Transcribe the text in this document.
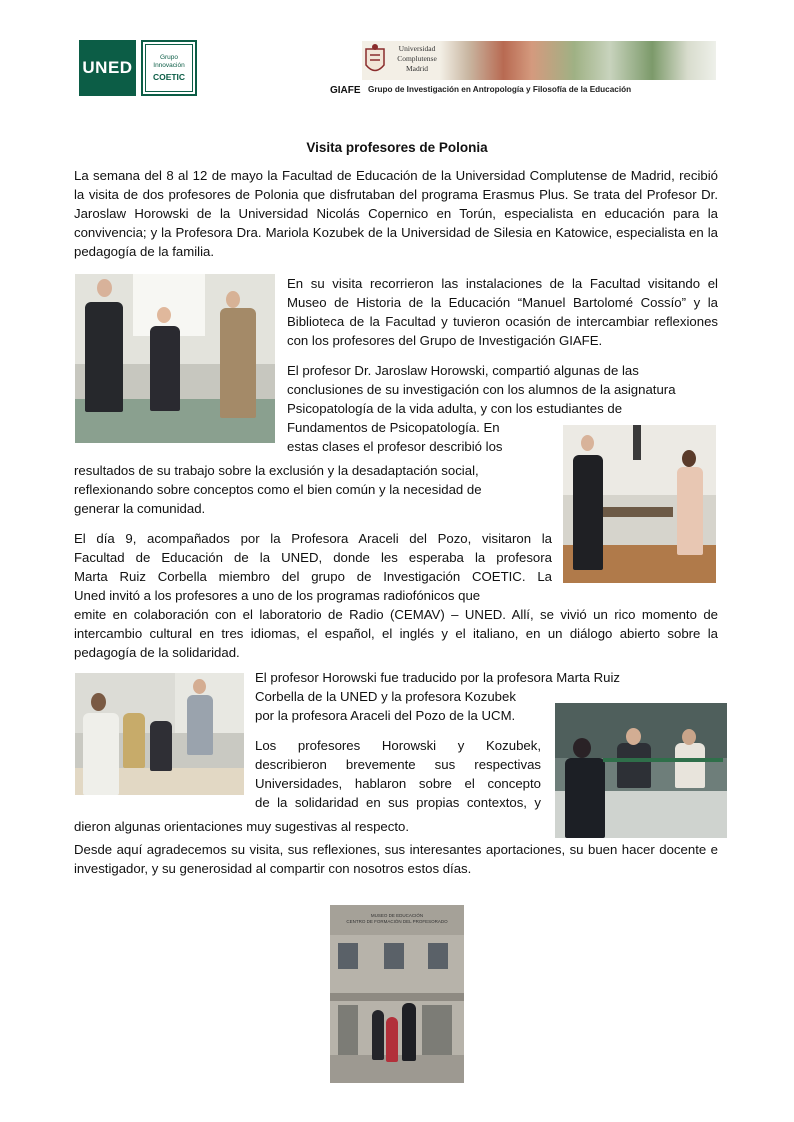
UNED
Grupo
Innovación
COETIC
Universidad
Complutense
Madrid
GIAFE Grupo de Investigación en Antropología y Filosofía de la Educación
Visita profesores de Polonia

La semana del 8 al 12 de mayo la Facultad de Educación de la Universidad Complutense de Madrid, recibió la visita de dos profesores de Polonia que disfrutaban del programa Erasmus Plus. Se trata del Profesor Dr. Jaroslaw Horowski de la Universidad Nicolás Copernico en Torún, especialista en educación para la convivencia; y la Profesora Dra. Mariola Kozubek de la Universidad de Silesia en Katowice, especialista en la pedagogía de la familia.

En su visita recorrieron las instalaciones de la Facultad visitando el Museo de Historia de la Educación “Manuel Bartolomé Cossío” y la Biblioteca de la Facultad y tuvieron ocasión de intercambiar reflexiones con los profesores del Grupo de Investigación GIAFE.

El profesor Dr. Jaroslaw Horowski, compartió algunas de las
conclusiones de su investigación con los alumnos de la asignatura
Psicopatología de la vida adulta, y con los estudiantes de
Fundamentos de Psicopatología. En
estas clases el profesor describió los
resultados de su trabajo sobre la exclusión y la desadaptación social,
reflexionando sobre conceptos como el bien común y la necesidad de
generar la comunidad.
El día 9, acompañados por la Profesora Araceli del Pozo, visitaron la
Facultad de Educación de la UNED, donde les esperaba la profesora
Marta Ruiz Corbella miembro del grupo de Investigación COETIC. La
Uned invitó a los profesores a uno de los programas radiofónicos que

emite en colaboración con el laboratorio de Radio (CEMAV) – UNED. Allí, se vivió un rico momento de intercambio cultural en tres idiomas, el español, el inglés y el italiano, en un diálogo abierto sobre la pedagogía de la solidaridad.

El profesor Horowski fue traducido por la profesora Marta Ruiz
Corbella de la UNED y la profesora Kozubek
por la profesora Araceli del Pozo de la UCM.
Los profesores Horowski y Kozubek,
describieron brevemente sus respectivas
Universidades, hablaron sobre el concepto
de la solidaridad en sus propias contextos, y
dieron algunas orientaciones muy sugestivas al respecto.

Desde aquí agradecemos su visita, sus reflexiones, sus interesantes aportaciones, su buen hacer docente e investigador, y su generosidad al compartir con nosotros estos días.

MUSEO DE EDUCACIÓN
CENTRO DE FORMACIÓN DEL PROFESORADO
